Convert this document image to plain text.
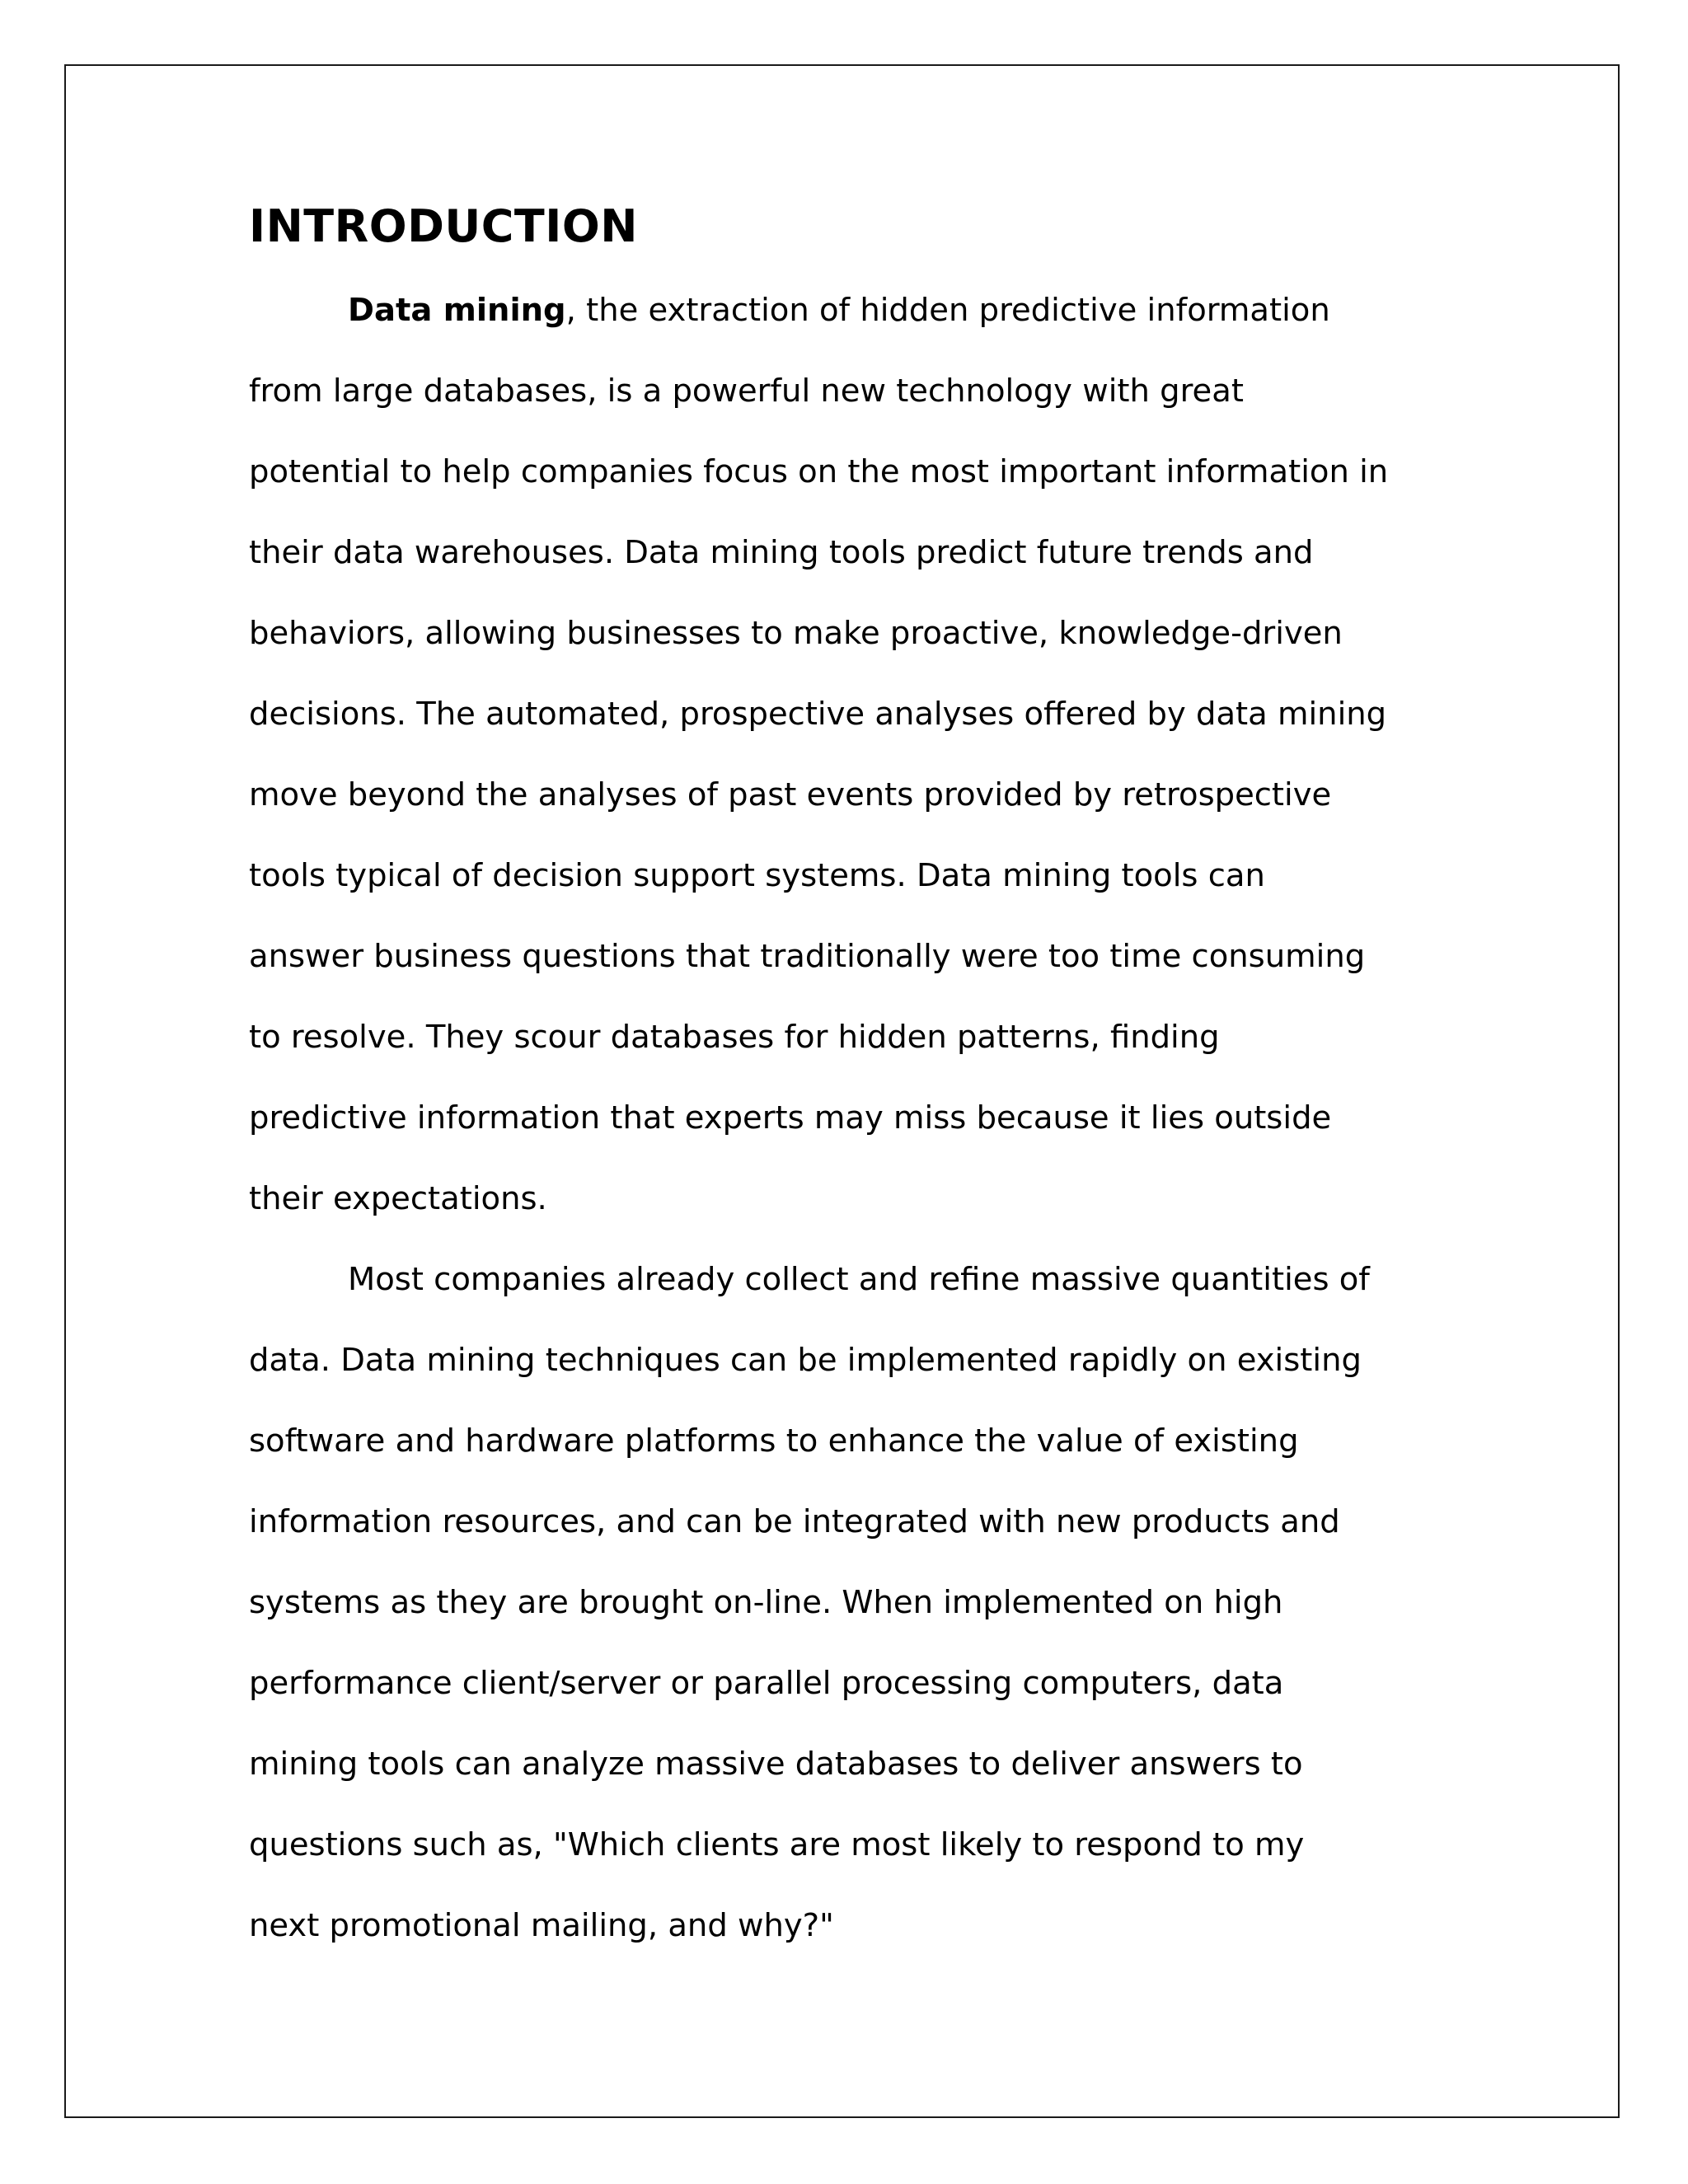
INTRODUCTION

Data mining, the extraction of hidden predictive information
from large databases, is a powerful new technology with great
potential to help companies focus on the most important information in
their data warehouses. Data mining tools predict future trends and
behaviors, allowing businesses to make proactive, knowledge-driven
decisions. The automated, prospective analyses offered by data mining
move beyond the analyses of past events provided by retrospective
tools typical of decision support systems. Data mining tools can
answer business questions that traditionally were too time consuming
to resolve. They scour databases for hidden patterns, finding
predictive information that experts may miss because it lies outside
their expectations.

Most companies already collect and refine massive quantities of
data. Data mining techniques can be implemented rapidly on existing
software and hardware platforms to enhance the value of existing
information resources, and can be integrated with new products and
systems as they are brought on-line. When implemented on high
performance client/server or parallel processing computers, data
mining tools can analyze massive databases to deliver answers to
questions such as, "Which clients are most likely to respond to my
next promotional mailing, and why?"
